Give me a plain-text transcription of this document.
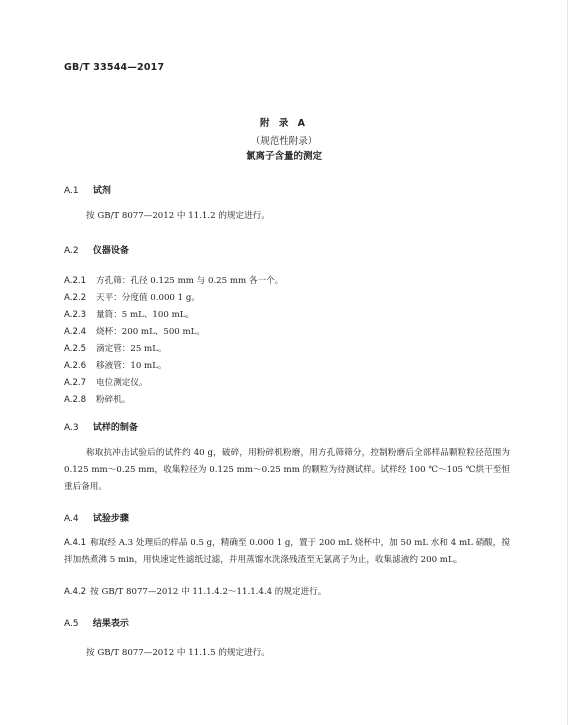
GB/T 33544—2017
附 录 A
（规范性附录）
氯离子含量的测定
A.1 试剂
按 GB/T 8077—2012 中 11.1.2 的规定进行。
A.2 仪器设备
A.2.1 方孔筛：孔径 0.125 mm 与 0.25 mm 各一个。
A.2.2 天平：分度值 0.000 1 g。
A.2.3 量筒：5 mL、100 mL。
A.2.4 烧杯：200 mL、500 mL。
A.2.5 滴定管：25 mL。
A.2.6 移液管：10 mL。
A.2.7 电位测定仪。
A.2.8 粉碎机。
A.3 试样的制备
称取抗冲击试验后的试件约 40 g，破碎，用粉碎机粉磨，用方孔筛筛分，控制粉磨后全部样品颗粒粒径范围为 0.125 mm～0.25 mm，收集粒径为 0.125 mm～0.25 mm 的颗粒为待测试样。试样经 100 ℃～105 ℃烘干至恒重后备用。
A.4 试验步骤
A.4.1 称取经 A.3 处理后的样品 0.5 g，精确至 0.000 1 g，置于 200 mL 烧杯中，加 50 mL 水和 4 mL 硝酸，搅拌加热煮沸 5 min，用快速定性滤纸过滤，并用蒸馏水洗涤残渣至无氯离子为止，收集滤液约 200 mL。
A.4.2 按 GB/T 8077—2012 中 11.1.4.2～11.1.4.4 的规定进行。
A.5 结果表示
按 GB/T 8077—2012 中 11.1.5 的规定进行。
